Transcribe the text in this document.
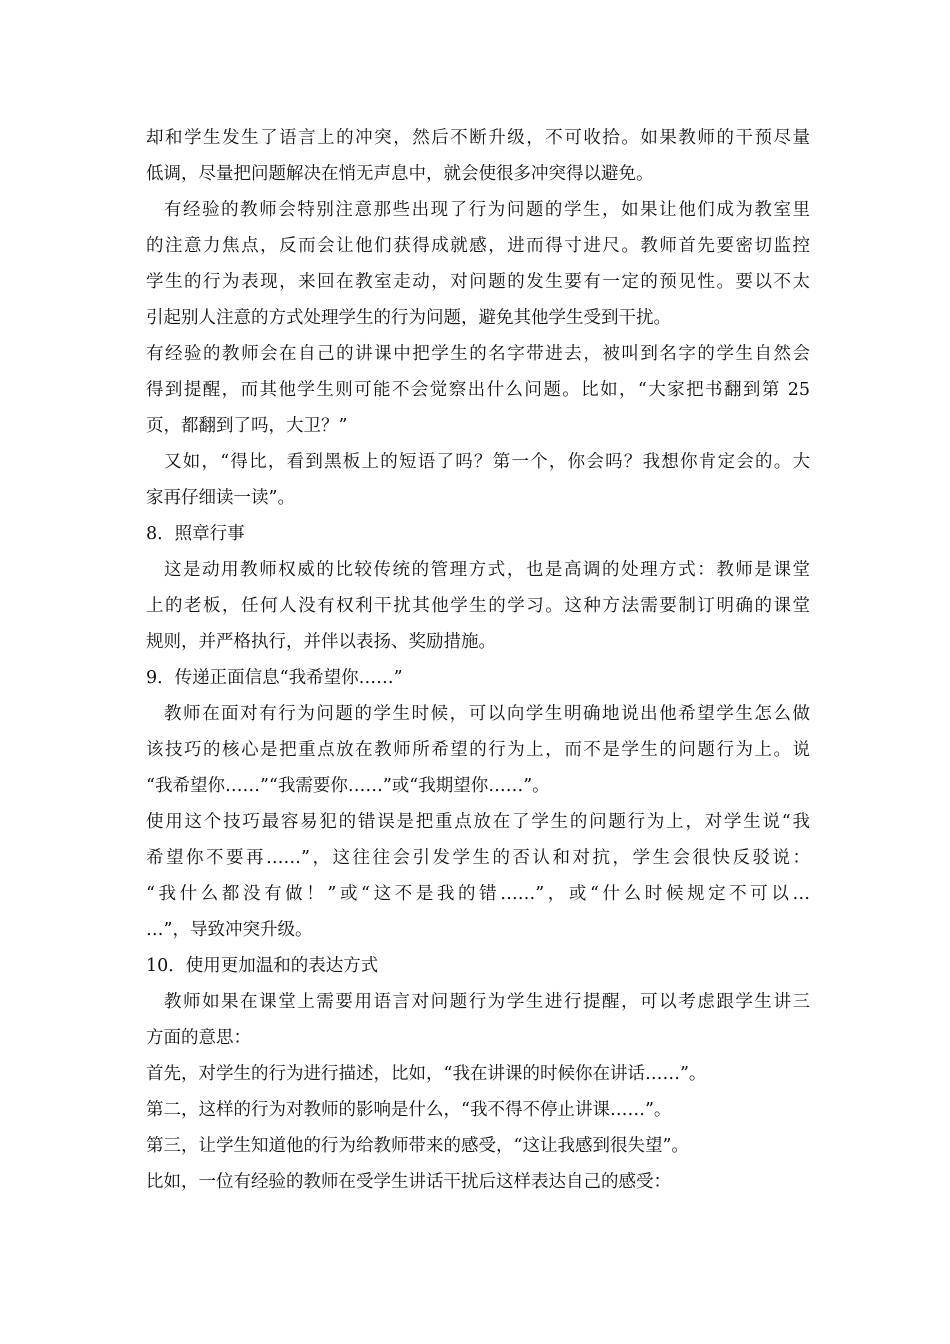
却和学生发生了语言上的冲突，然后不断升级，不可收拾。如果教师的干预尽量
低调，尽量把问题解决在悄无声息中，就会使很多冲突得以避免。
有经验的教师会特别注意那些出现了行为问题的学生，如果让他们成为教室里
的注意力焦点，反而会让他们获得成就感，进而得寸进尺。教师首先要密切监控
学生的行为表现，来回在教室走动，对问题的发生要有一定的预见性。要以不太
引起别人注意的方式处理学生的行为问题，避免其他学生受到干扰。
有经验的教师会在自己的讲课中把学生的名字带进去，被叫到名字的学生自然会
得到提醒，而其他学生则可能不会觉察出什么问题。比如，“大家把书翻到第 25
页，都翻到了吗，大卫？”
又如，“得比，看到黑板上的短语了吗？第一个，你会吗？我想你肯定会的。大
家再仔细读一读”。
8．照章行事
这是动用教师权威的比较传统的管理方式，也是高调的处理方式：教师是课堂
上的老板，任何人没有权利干扰其他学生的学习。这种方法需要制订明确的课堂
规则，并严格执行，并伴以表扬、奖励措施。
9．传递正面信息“我希望你……”
教师在面对有行为问题的学生时候，可以向学生明确地说出他希望学生怎么做
该技巧的核心是把重点放在教师所希望的行为上，而不是学生的问题行为上。说
“我希望你……”“我需要你……”或“我期望你……”。
使用这个技巧最容易犯的错误是把重点放在了学生的问题行为上，对学生说“我
希望你不要再……”，这往往会引发学生的否认和对抗，学生会很快反驳说：
“我什么都没有做！”或“这不是我的错……”，或“什么时候规定不可以…
…”，导致冲突升级。
10．使用更加温和的表达方式
教师如果在课堂上需要用语言对问题行为学生进行提醒，可以考虑跟学生讲三
方面的意思：
首先，对学生的行为进行描述，比如，“我在讲课的时候你在讲话……”。
第二，这样的行为对教师的影响是什么，“我不得不停止讲课……”。
第三，让学生知道他的行为给教师带来的感受，“这让我感到很失望”。
比如，一位有经验的教师在受学生讲话干扰后这样表达自己的感受：
